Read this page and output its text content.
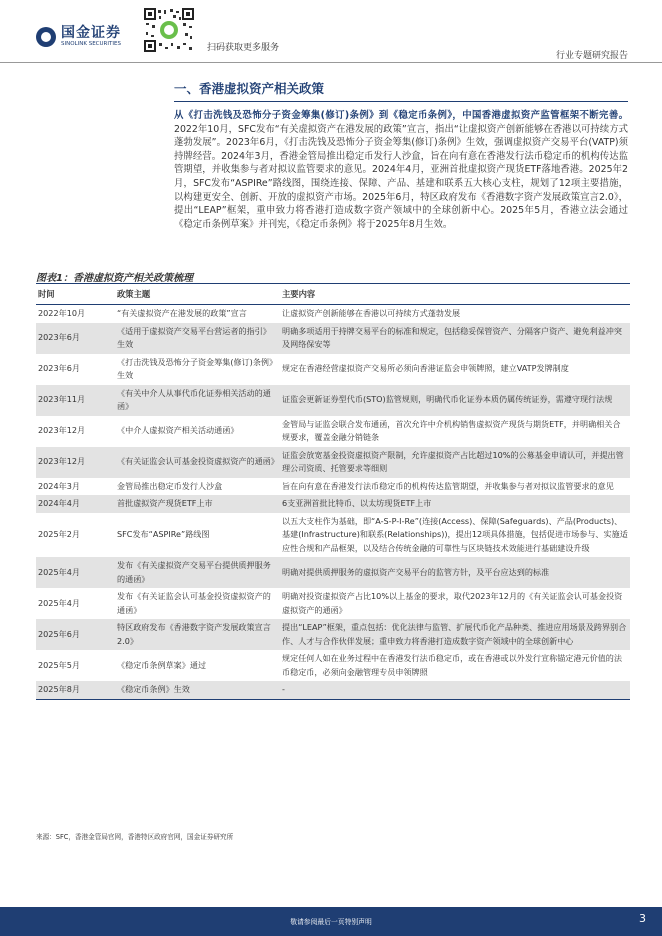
国金证券
SINOLINK SECURITIES	扫码获取更多服务
行业专题研究报告
一、香港虚拟资产相关政策

从《打击洗钱及恐怖分子资金筹集(修订)条例》到《稳定币条例》，中国香港虚拟资产监管框架不断完善。2022年10月，SFC发布“有关虚拟资产在港发展的政策”宣言，指出“让虚拟资产创新能够在香港以可持续方式蓬勃发展”。2023年6月，《打击洗钱及恐怖分子资金筹集(修订)条例》生效，强调虚拟资产交易平台(VATP)须持牌经营。2024年3月，香港金管局推出稳定币发行人沙盒，旨在向有意在香港发行法币稳定币的机构传达监管期望，并收集参与者对拟议监管要求的意见。2024年4月，亚洲首批虚拟资产现货ETF落地香港。2025年2月，SFC发布“ASPIRe”路线图，围绕连接、保障、产品、基建和联系五大核心支柱，规划了12项主要措施，以构建更安全、创新、开放的虚拟资产市场。2025年6月，特区政府发布《香港数字资产发展政策宣言2.0》，提出“LEAP”框架，重申致力将香港打造成数字资产领域中的全球创新中心。2025年5月，香港立法会通过《稳定币条例草案》并刊宪，《稳定币条例》将于2025年8月生效。

图表1：香港虚拟资产相关政策梳理
时间	政策主题	主要内容
2022年10月	“有关虚拟资产在港发展的政策”宣言	让虚拟资产创新能够在香港以可持续方式蓬勃发展
2023年6月	《适用于虚拟资产交易平台营运者的指引》生效	明确多项适用于持牌交易平台的标准和规定，包括稳妥保管资产、分隔客户资产、避免利益冲突及网络保安等
2023年6月	《打击洗钱及恐怖分子资金筹集(修订)条例》生效	规定在香港经营虚拟资产交易所必须向香港证监会申领牌照，建立VATP发牌制度
2023年11月	《有关中介人从事代币化证券相关活动的通函》	证监会更新证券型代币(STO)监管规则，明确代币化证券本质仍属传统证券，需遵守现行法规
2023年12月	《中介人虚拟资产相关活动通函》	金管局与证监会联合发布通函，首次允许中介机构销售虚拟资产现货与期货ETF，并明确相关合规要求，覆盖金融分销链条
2023年12月	《有关证监会认可基金投资虚拟资产的通函》	证监会放宽基金投资虚拟资产限制，允许虚拟资产占比超过10%的公募基金申请认可，并提出管理公司资质、托管要求等细则
2024年3月	金管局推出稳定币发行人沙盒	旨在向有意在香港发行法币稳定币的机构传达监管期望，并收集参与者对拟议监管要求的意见
2024年4月	首批虚拟资产现货ETF上市	6支亚洲首批比特币、以太坊现货ETF上市
2025年2月	SFC发布“ASPIRe”路线图	以五大支柱作为基础，即“A-S-P-I-Re”(连接(Access)、保障(Safeguards)、产品(Products)、基建(Infrastructure)和联系(Relationships))，提出12项具体措施，包括促进市场参与、实施适应性合规和产品框架，以及结合传统金融的可靠性与区块链技术效能进行基础建设升级
2025年4月	发布《有关虚拟资产交易平台提供质押服务的通函》	明确对提供质押服务的虚拟资产交易平台的监管方针，及平台应达到的标准
2025年4月	发布《有关证监会认可基金投资虚拟资产的通函》	明确对投资虚拟资产占比10%以上基金的要求，取代2023年12月的《有关证监会认可基金投资虚拟资产的通函》
2025年6月	特区政府发布《香港数字资产发展政策宣言2.0》	提出“LEAP”框架，重点包括：优化法律与监管、扩展代币化产品种类、推进应用场景及跨界别合作、人才与合作伙伴发展；重申致力将香港打造成数字资产领域中的全球创新中心
2025年5月	《稳定币条例草案》通过	规定任何人如在业务过程中在香港发行法币稳定币，或在香港或以外发行宣称锚定港元价值的法币稳定币，必须向金融管理专员申领牌照
2025年8月	《稳定币条例》生效	-
来源：SFC，香港金管局官网，香港特区政府官网，国金证券研究所
敬请参阅最后一页特别声明	3
